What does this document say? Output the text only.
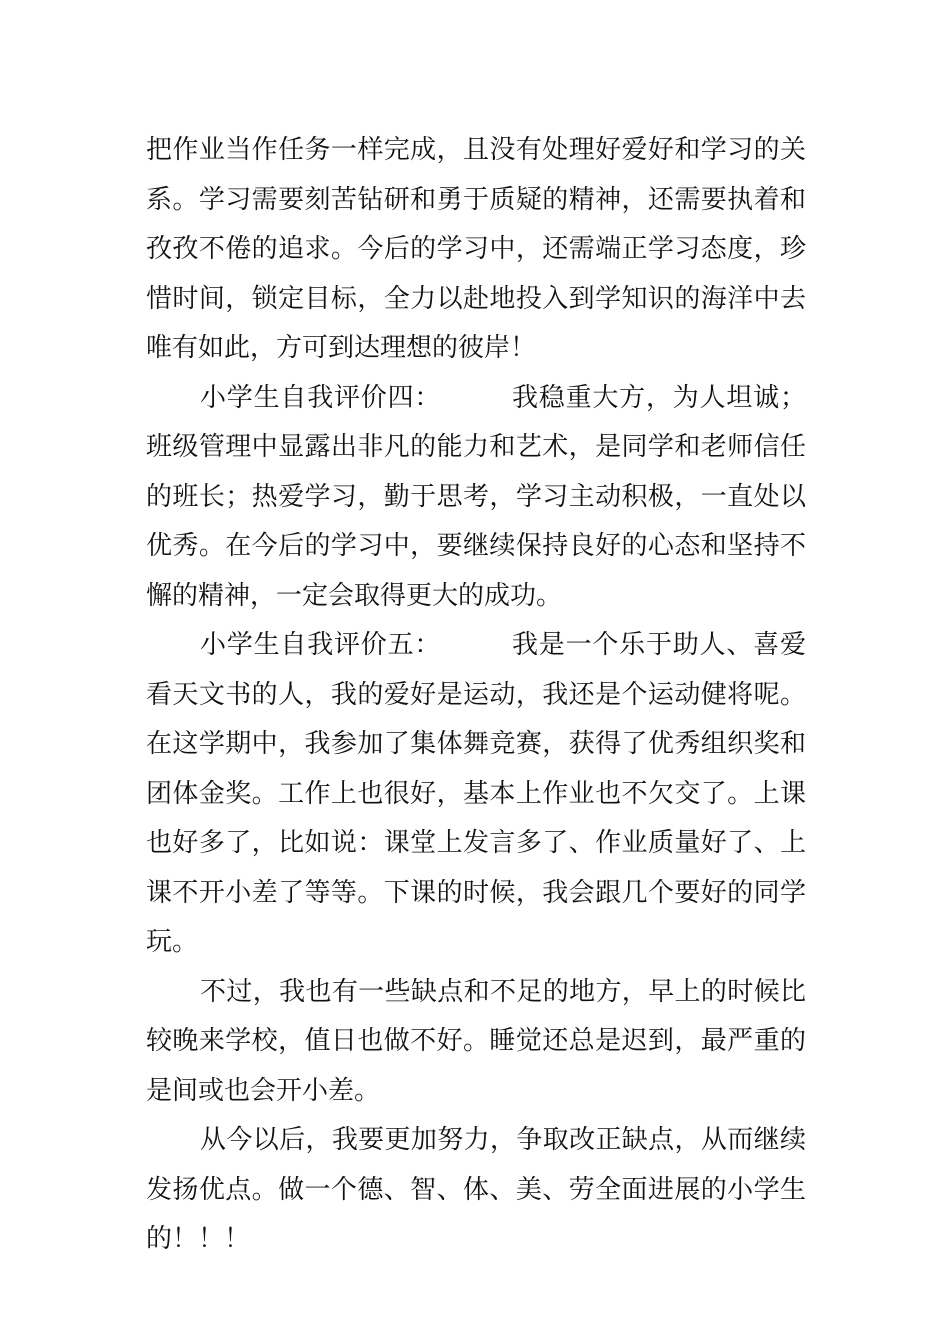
把作业当作任务一样完成，且没有处理好爱好和学习的关系。学习需要刻苦钻研和勇于质疑的精神，还需要执着和孜孜不倦的追求。今后的学习中，还需端正学习态度，珍惜时间，锁定目标，全力以赴地投入到学知识的海洋中去唯有如此，方可到达理想的彼岸！

小学生自我评价四：	我稳重大方，为人坦诚；班级管理中显露出非凡的能力和艺术，是同学和老师信任的班长；热爱学习，勤于思考，学习主动积极，一直处以优秀。在今后的学习中，要继续保持良好的心态和坚持不懈的精神，一定会取得更大的成功。

小学生自我评价五：	我是一个乐于助人、喜爱看天文书的人，我的爱好是运动，我还是个运动健将呢。在这学期中，我参加了集体舞竞赛，获得了优秀组织奖和团体金奖。工作上也很好，基本上作业也不欠交了。上课也好多了，比如说：课堂上发言多了、作业质量好了、上课不开小差了等等。下课的时候，我会跟几个要好的同学玩。

不过，我也有一些缺点和不足的地方，早上的时候比较晚来学校，值日也做不好。睡觉还总是迟到，最严重的是间或也会开小差。

从今以后，我要更加努力，争取改正缺点，从而继续发扬优点。做一个德、智、体、美、劳全面进展的小学生的！！！
